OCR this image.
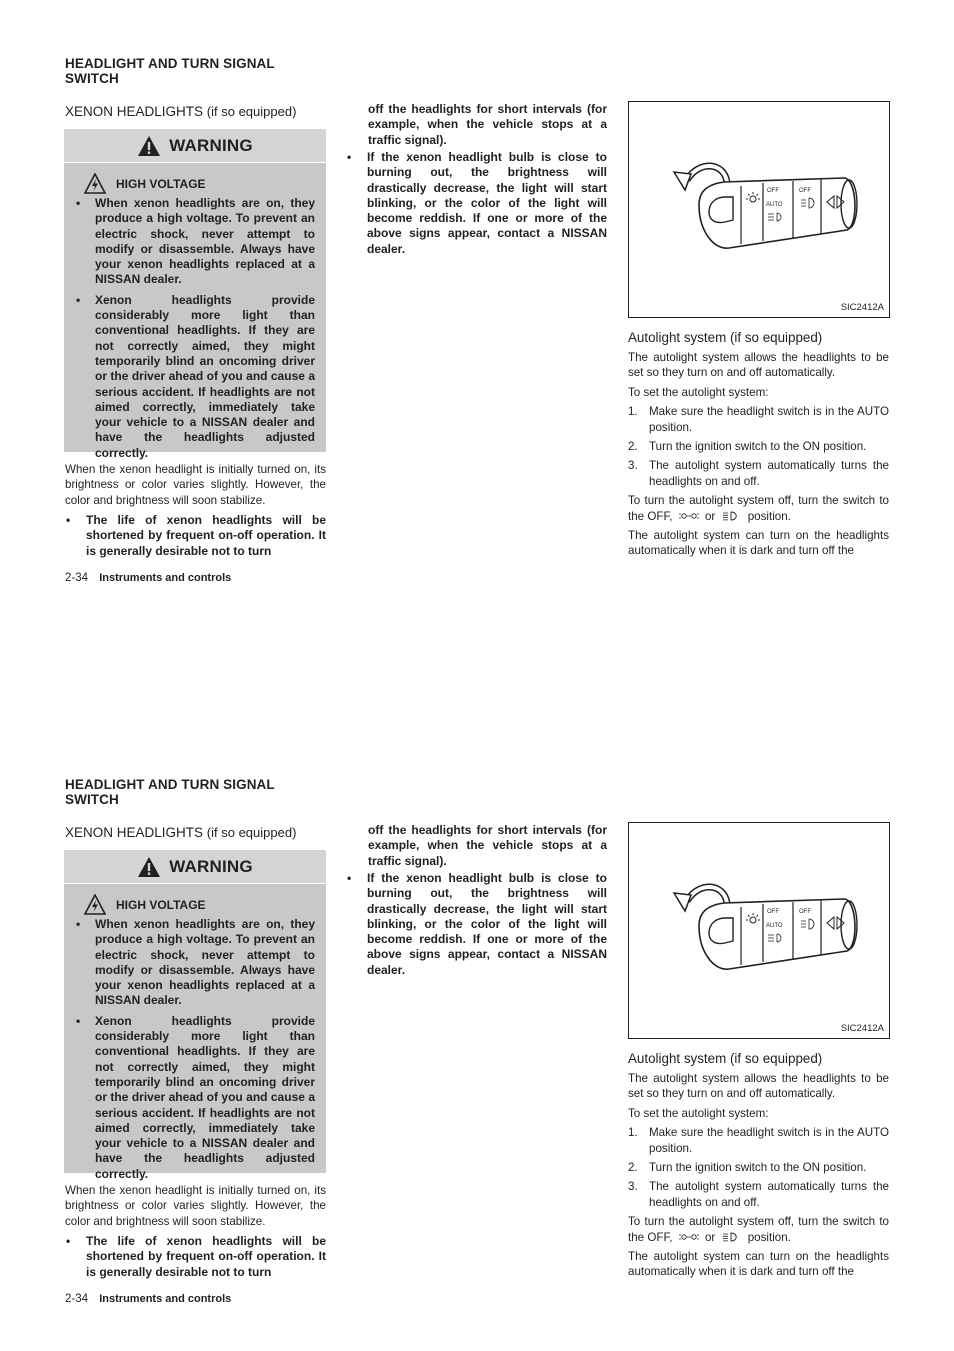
HEADLIGHT AND TURN SIGNAL SWITCH
XENON HEADLIGHTS (if so equipped)
WARNING
HIGH VOLTAGE
• When xenon headlights are on, they produce a high voltage. To prevent an electric shock, never attempt to modify or disassemble. Always have your xenon headlights replaced at a NISSAN dealer.
• Xenon headlights provide considerably more light than conventional headlights. If they are not correctly aimed, they might temporarily blind an oncoming driver or the driver ahead of you and cause a serious accident. If headlights are not aimed correctly, immediately take your vehicle to a NISSAN dealer and have the headlights adjusted correctly.

When the xenon headlight is initially turned on, its brightness or color varies slightly. However, the color and brightness will soon stabilize.

• The life of xenon headlights will be shortened by frequent on-off operation. It is generally desirable not to turn
off the headlights for short intervals (for example, when the vehicle stops at a traffic signal).
• If the xenon headlight bulb is close to burning out, the brightness will drastically decrease, the light will start blinking, or the color of the light will become reddish. If one or more of the above signs appear, contact a NISSAN dealer.
OFF
AUTO
OFF
SIC2412A
Autolight system (if so equipped)

The autolight system allows the headlights to be set so they turn on and off automatically.

To set the autolight system:

1. Make sure the headlight switch is in the AUTO position.
2. Turn the ignition switch to the ON position.
3. The autolight system automatically turns the headlights on and off.

To turn the autolight system off, turn the switch to the OFF,	or	position.

The autolight system can turn on the headlights automatically when it is dark and turn off the

2-34 Instruments and controls
HEADLIGHT AND TURN SIGNAL SWITCH
XENON HEADLIGHTS (if so equipped)
WARNING
HIGH VOLTAGE
• When xenon headlights are on, they produce a high voltage. To prevent an electric shock, never attempt to modify or disassemble. Always have your xenon headlights replaced at a NISSAN dealer.
• Xenon headlights provide considerably more light than conventional headlights. If they are not correctly aimed, they might temporarily blind an oncoming driver or the driver ahead of you and cause a serious accident. If headlights are not aimed correctly, immediately take your vehicle to a NISSAN dealer and have the headlights adjusted correctly.

When the xenon headlight is initially turned on, its brightness or color varies slightly. However, the color and brightness will soon stabilize.

• The life of xenon headlights will be shortened by frequent on-off operation. It is generally desirable not to turn
off the headlights for short intervals (for example, when the vehicle stops at a traffic signal).
• If the xenon headlight bulb is close to burning out, the brightness will drastically decrease, the light will start blinking, or the color of the light will become reddish. If one or more of the above signs appear, contact a NISSAN dealer.
OFF
AUTO
OFF
SIC2412A
Autolight system (if so equipped)

The autolight system allows the headlights to be set so they turn on and off automatically.

To set the autolight system:

1. Make sure the headlight switch is in the AUTO position.
2. Turn the ignition switch to the ON position.
3. The autolight system automatically turns the headlights on and off.

To turn the autolight system off, turn the switch to the OFF,	or	position.

The autolight system can turn on the headlights automatically when it is dark and turn off the

2-34 Instruments and controls
